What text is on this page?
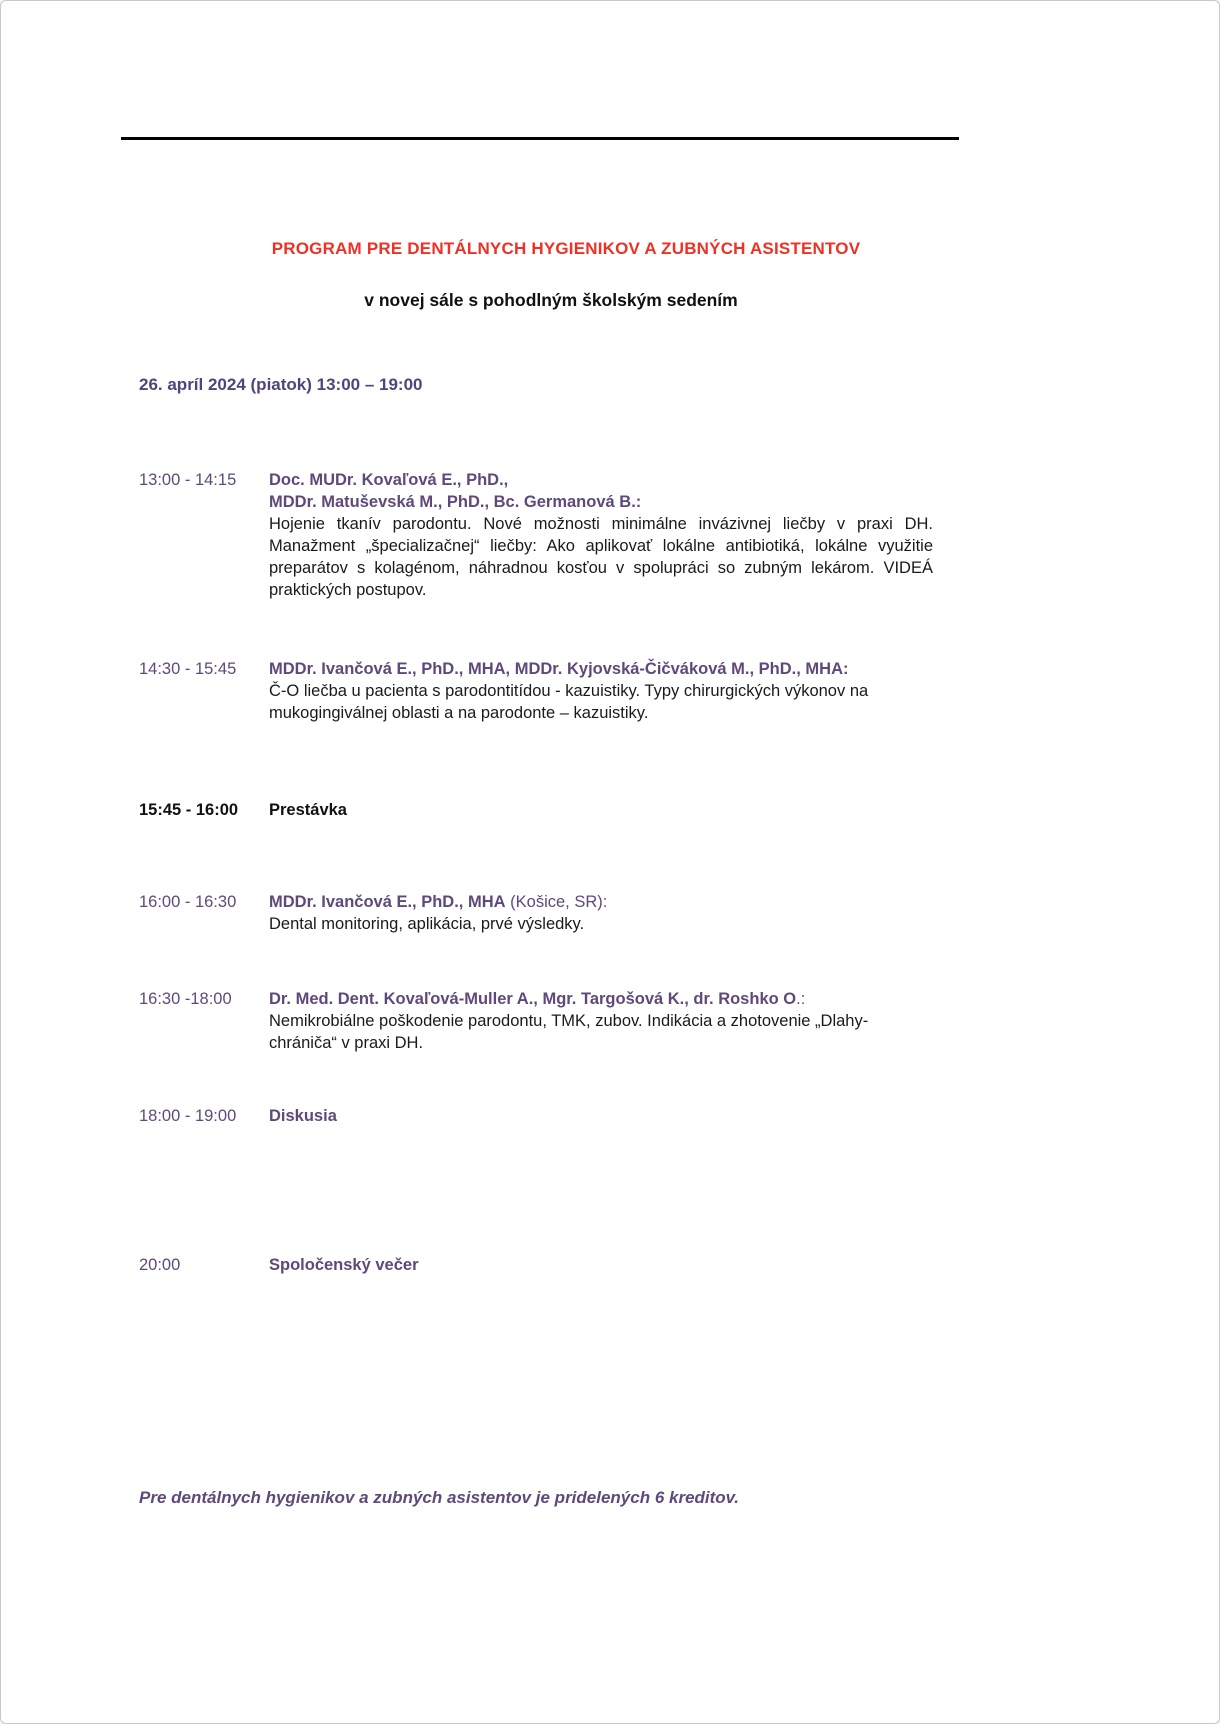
PROGRAM PRE DENTÁLNYCH HYGIENIKOV A ZUBNÝCH ASISTENTOV
v novej sále s pohodlným školským sedením
26. apríl 2024 (piatok) 13:00 – 19:00
13:00 - 14:15	Doc. MUDr. Kovaľová E., PhD.,
MDDr. Matuševská M., PhD., Bc. Germanová B.:
Hojenie tkanív parodontu. Nové možnosti minimálne invázivnej liečby v praxi DH. Manažment „špecializačnej“ liečby: Ako aplikovať lokálne antibiotiká, lokálne využitie preparátov s kolagénom, náhradnou kosťou v spolupráci so zubným lekárom. VIDEÁ praktických postupov.
14:30 - 15:45	MDDr. Ivančová E., PhD., MHA, MDDr. Kyjovská-Čičváková M., PhD., MHA:
Č-O liečba u pacienta s parodontitídou - kazuistiky. Typy chirurgických výkonov na mukogingiválnej oblasti a na parodonte – kazuistiky.
15:45 - 16:00	Prestávka
16:00 - 16:30	MDDr. Ivančová E., PhD., MHA (Košice, SR):
Dental monitoring, aplikácia, prvé výsledky.
16:30 -18:00	Dr. Med. Dent. Kovaľová-Muller A., Mgr. Targošová K., dr. Roshko O.:
Nemikrobiálne poškodenie parodontu, TMK, zubov. Indikácia a zhotovenie „Dlahy-chrániča“ v praxi DH.
18:00 - 19:00	Diskusia
20:00	Spoločenský večer
Pre dentálnych hygienikov a zubných asistentov je pridelených 6 kreditov.
